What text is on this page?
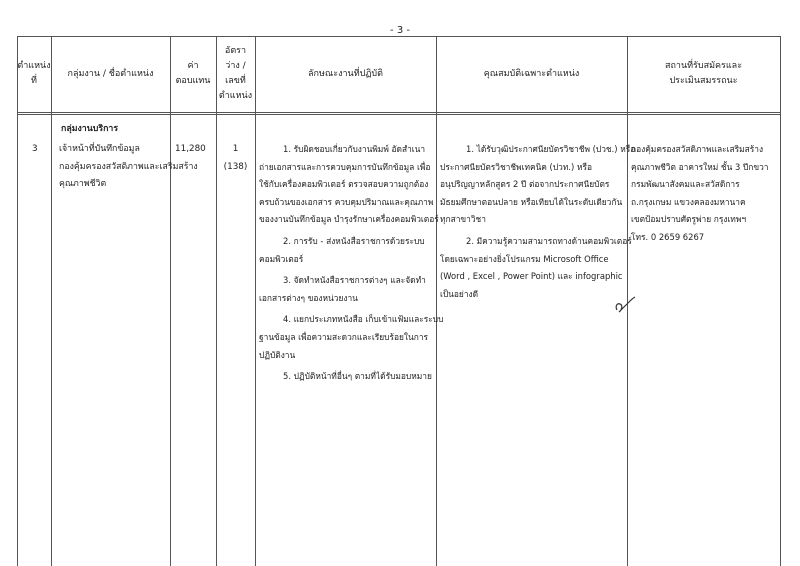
- 3 -
ตำแหน่ง
ที่
กลุ่มงาน / ชื่อตำแหน่ง
ค่า
ตอบแทน
อัตรา
ว่าง /
เลขที่
ตำแหน่ง
ลักษณะงานที่ปฏิบัติ	คุณสมบัติเฉพาะตำแหน่ง
สถานที่รับสมัครและ
ประเมินสมรรถนะ
กลุ่มงานบริการ
3 เจ้าหน้าที่บันทึกข้อมูล
กองคุ้มครองสวัสดิภาพและเสริมสร้าง
คุณภาพชีวิต
11,280	1
(138)
1. รับผิดชอบเกี่ยวกับงานพิมพ์ อัดสำเนา
ถ่ายเอกสารและการควบคุมการบันทึกข้อมูล เพื่อ
ใช้กับเครื่องคอมพิวเตอร์ ตรวจสอบความถูกต้อง
ครบถ้วนของเอกสาร ควบคุมปริมาณและคุณภาพ
ของงานบันทึกข้อมูล บำรุงรักษาเครื่องคอมพิวเตอร์
2. การรับ - ส่งหนังสือราชการด้วยระบบ
คอมพิวเตอร์
3. จัดทำหนังสือราชการต่างๆ และจัดทำ
เอกสารต่างๆ ของหน่วยงาน
4. แยกประเภทหนังสือ เก็บเข้าแฟ้มและระบบ
ฐานข้อมูล เพื่อความสะดวกและเรียบร้อยในการ
ปฏิบัติงาน
5. ปฏิบัติหน้าที่อื่นๆ ตามที่ได้รับมอบหมาย
1. ได้รับวุฒิประกาศนียบัตรวิชาชีพ (ปวช.) หรือ
ประกาศนียบัตรวิชาชีพเทคนิค (ปวท.) หรือ
อนุปริญญาหลักสูตร 2 ปี ต่อจากประกาศนียบัตร
มัธยมศึกษาตอนปลาย หรือเทียบได้ในระดับเดียวกัน
ทุกสาขาวิชา
2. มีความรู้ความสามารถทางด้านคอมพิวเตอร์
โดยเฉพาะอย่างยิ่งโปรแกรม Microsoft Office
(Word , Excel , Power Point) และ infographic
เป็นอย่างดี
กองคุ้มครองสวัสดิภาพและเสริมสร้าง
คุณภาพชีวิต อาคารใหม่ ชั้น 3 ปีกขวา
กรมพัฒนาสังคมและสวัสดิการ
ถ.กรุงเกษม แขวงคลองมหานาค
เขตป้อมปราบศัตรูพ่าย กรุงเทพฯ
โทร. 0 2659 6267
